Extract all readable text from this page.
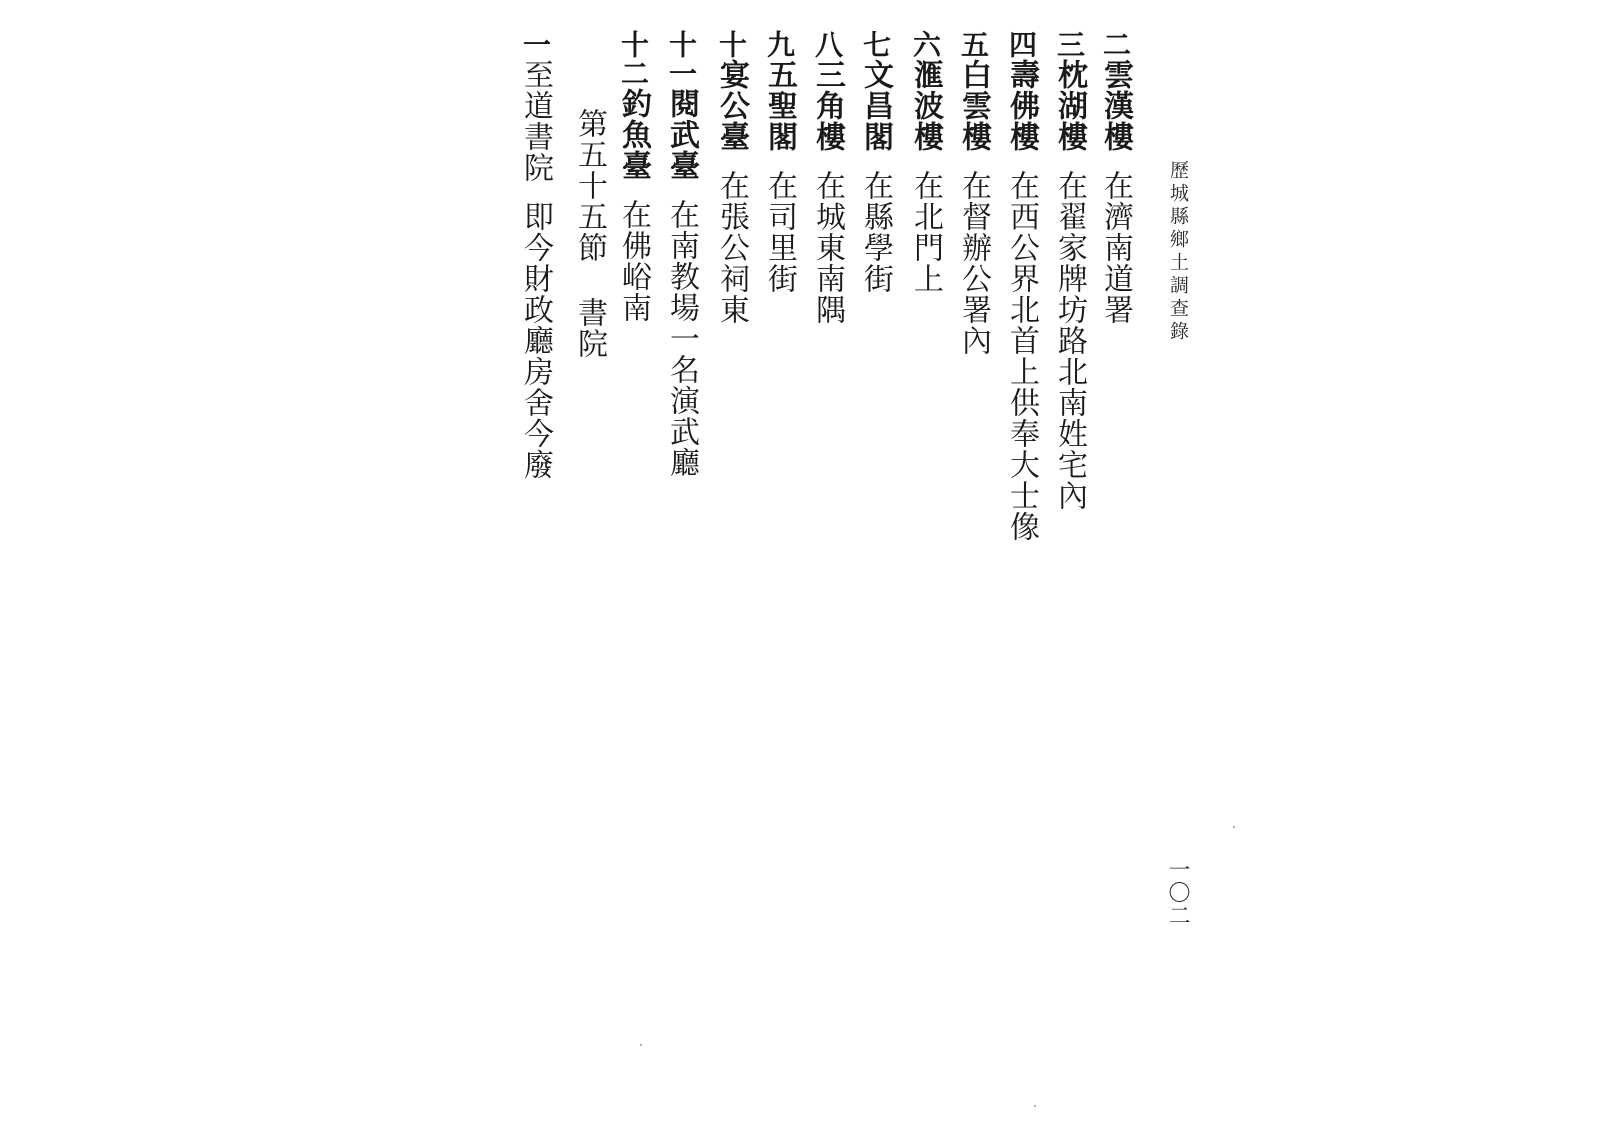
歷城縣鄉土調查錄
二雲漢樓在濟南道署
三枕湖樓在翟家牌坊路北南姓宅內
四壽佛樓在西公界北首上供奉大士像
五白雲樓在督辦公署內
六滙波樓在北門上
七文昌閣在縣學街
八三角樓在城東南隅
九五聖閣在司里街
十宴公臺在張公祠東
十一閱武臺在南教場一名演武廳
十二釣魚臺在佛峪南
第五十五節書院
一至道書院即今財政廳房舍今廢
一〇二
